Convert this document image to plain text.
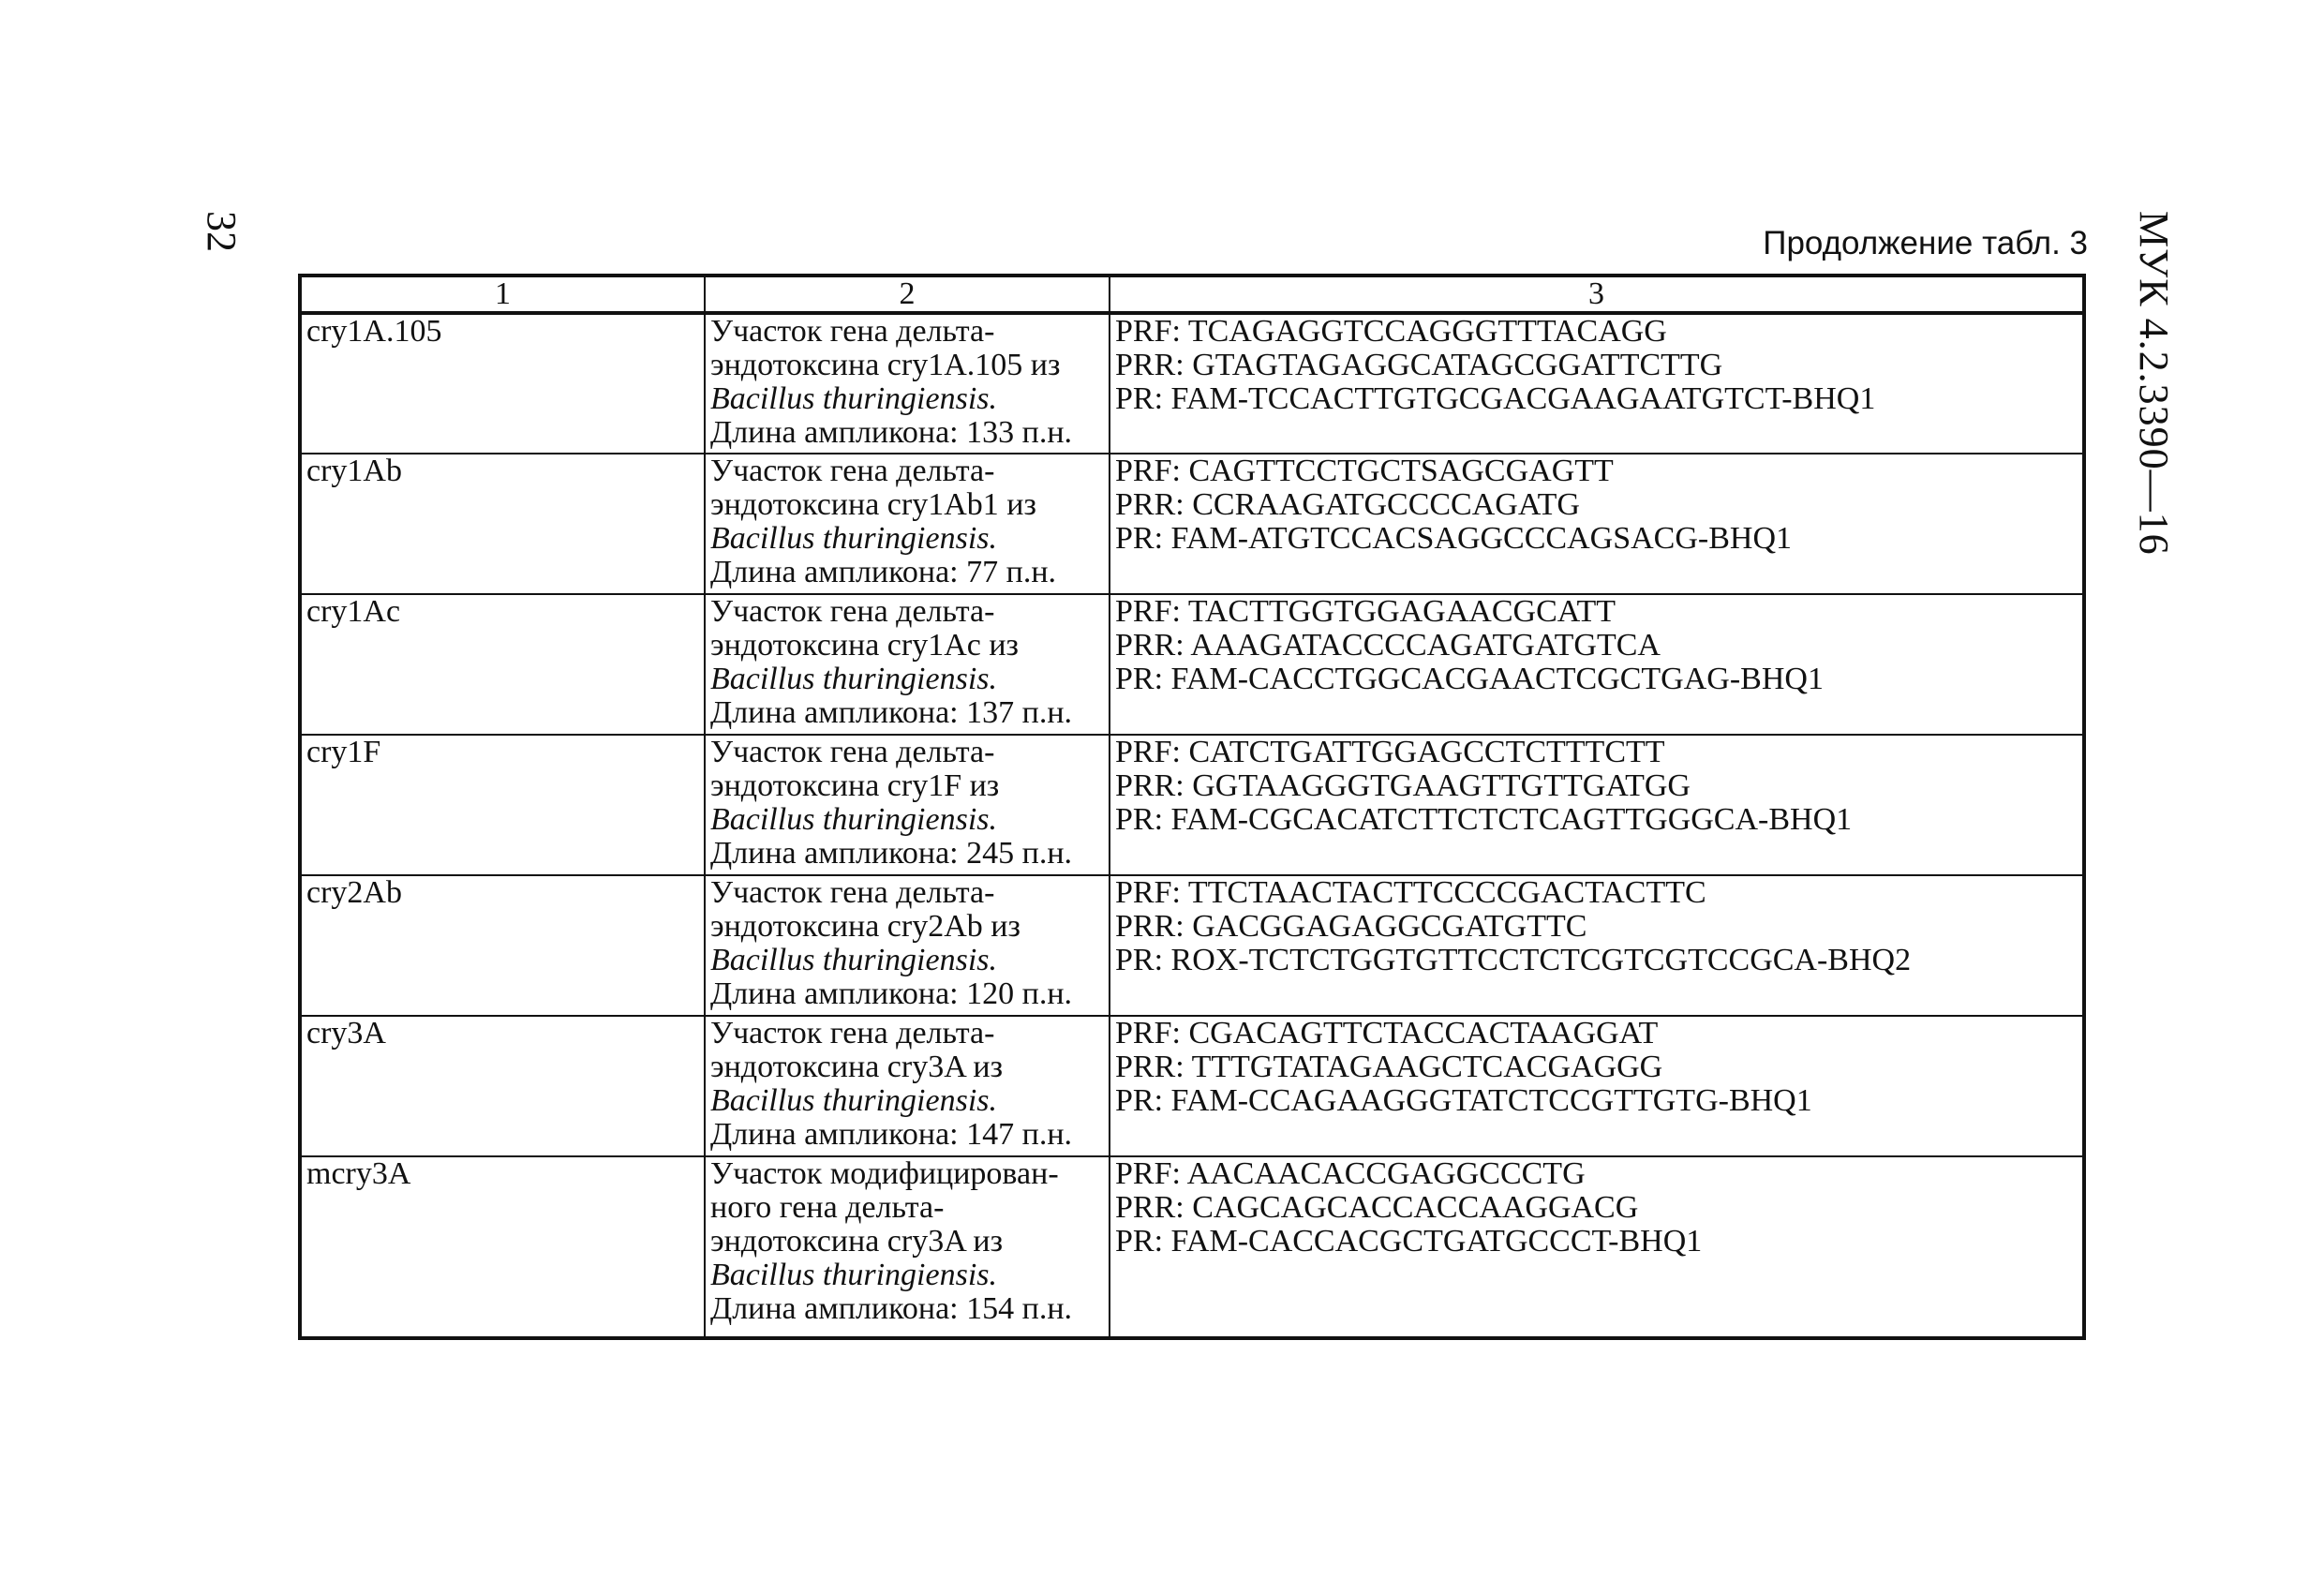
32	МУК 4.2.3390—16
Продолжение табл. 3
1	2	3
cry1A.105	Участок гена дельта-
эндотоксина cry1A.105 из
Bacillus thuringiensis.
Длина ампликона: 133 п.н.	PRF: TCAGAGGTCCAGGGTTTACAGG
PRR: GTAGTAGAGGCATAGCGGATTCTTG
PR: FAM-TCCACTTGTGCGACGAAGAATGTCT-BHQ1

cry1Ab	Участок гена дельта-
эндотоксина cry1Ab1 из
Bacillus thuringiensis.
Длина ампликона: 77 п.н.	PRF: CAGTTCCTGCTSAGCGAGTT
PRR: CCRAAGATGCCCCAGATG
PR: FAM-ATGTCCACSAGGCCCAGSACG-BHQ1

cry1Ac	Участок гена дельта-
эндотоксина cry1Ac из
Bacillus thuringiensis.
Длина ампликона: 137 п.н.	PRF: TACTTGGTGGAGAACGCATT
PRR: AAAGATACCCCAGATGATGTCA
PR: FAM-CACCTGGCACGAACTCGCTGAG-BHQ1

cry1F	Участок гена дельта-
эндотоксина cry1F из
Bacillus thuringiensis.
Длина ампликона: 245 п.н.	PRF: CATCTGATTGGAGCCTCTTTCTT
PRR: GGTAAGGGTGAAGTTGTTGATGG
PR: FAM-CGCACATCTTCTCTCAGTTGGGCA-BHQ1

cry2Ab	Участок гена дельта-
эндотоксина cry2Ab из
Bacillus thuringiensis.
Длина ампликона: 120 п.н.	PRF: TTCTAACTACTTCCCCGACTACTTC
PRR: GACGGAGAGGCGATGTTC
PR: ROX-TCTCTGGTGTTCCTCTCGTCGTCCGCA-BHQ2

cry3A	Участок гена дельта-
эндотоксина cry3A из
Bacillus thuringiensis.
Длина ампликона: 147 п.н.	PRF: CGACAGTTCTACCACTAAGGAT
PRR: TTTGTATAGAAGCTCACGAGGG
PR: FAM-CCAGAAGGGTATCTCCGTTGTG-BHQ1

mcry3A	Участок модифицирован-
ного гена дельта-
эндотоксина cry3A из
Bacillus thuringiensis.
Длина ампликона: 154 п.н.	PRF: AACAACACCGAGGCCCTG
PRR: CAGCAGCACCACCAAGGACG
PR: FAM-CACCACGCTGATGCCCT-BHQ1
